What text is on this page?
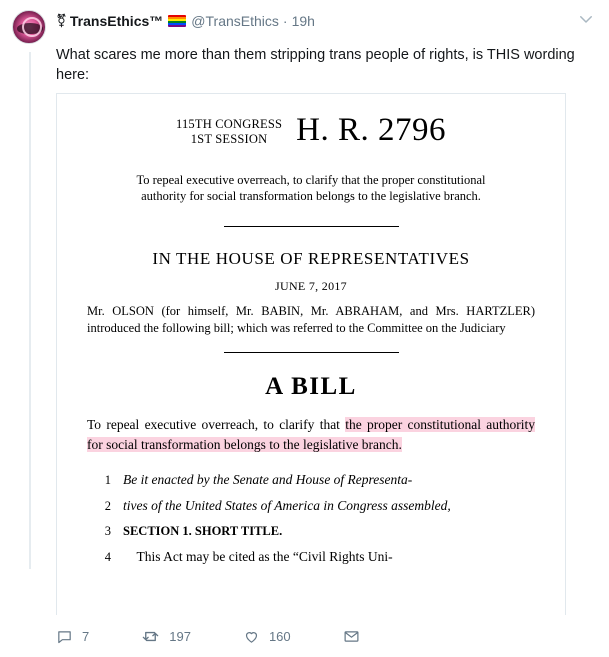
⚧ TransEthics™ @TransEthics · 19h

What scares me more than them stripping trans people of rights, is THIS wording here:

115TH CONGRESS
1ST SESSION H. R. 2796
To repeal executive overreach, to clarify that the proper constitutional authority for social transformation belongs to the legislative branch.
IN THE HOUSE OF REPRESENTATIVES
JUNE 7, 2017
Mr. OLSON (for himself, Mr. BABIN, Mr. ABRAHAM, and Mrs. HARTZLER) introduced the following bill; which was referred to the Committee on the Judiciary
A BILL
To repeal executive overreach, to clarify that the proper constitutional authority for social transformation belongs to the legislative branch.
1 Be it enacted by the Senate and House of Representa-
2 tives of the United States of America in Congress assembled,
3 SECTION 1. SHORT TITLE.
4	This Act may be cited as the “Civil Rights Uni-
7	197	160
